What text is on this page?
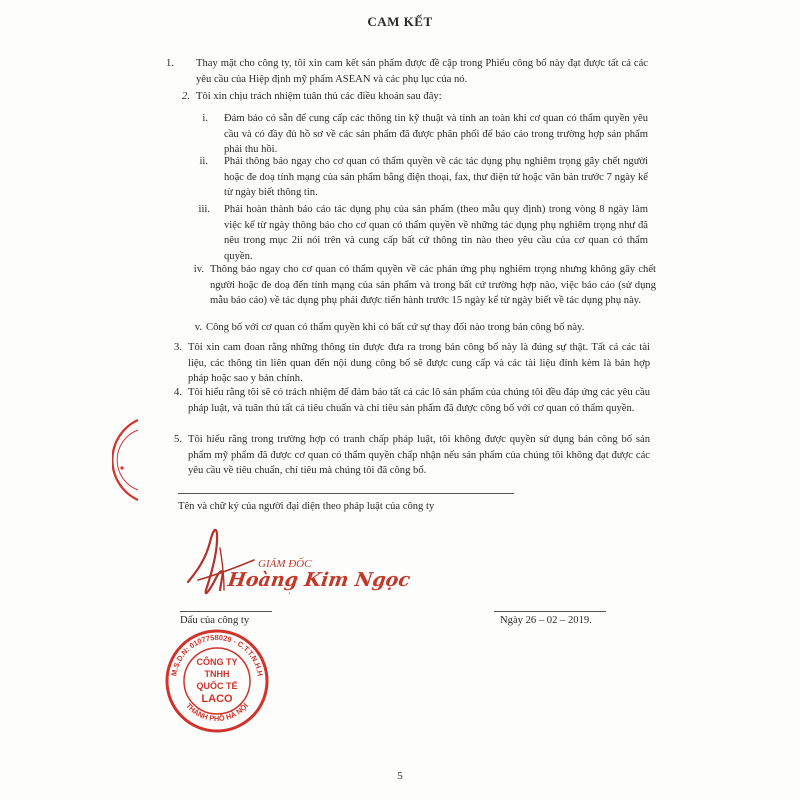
CAM KẾT
1. Thay mặt cho công ty, tôi xin cam kết sản phẩm được đề cập trong Phiếu công bố này đạt được tất cả các yêu cầu của Hiệp định mỹ phẩm ASEAN và các phụ lục của nó.

2. Tôi xin chịu trách nhiệm tuân thủ các điều khoản sau đây:

i. Đảm bảo có sẵn để cung cấp các thông tin kỹ thuật và tính an toàn khi cơ quan có thẩm quyền yêu cầu và có đầy đủ hồ sơ về các sản phẩm đã được phân phối để báo cáo trong trường hợp sản phẩm phải thu hồi.

ii. Phải thông báo ngay cho cơ quan có thẩm quyền về các tác dụng phụ nghiêm trọng gây chết người hoặc đe doạ tính mạng của sản phẩm bằng điện thoại, fax, thư điện tử hoặc văn bản trước 7 ngày kể từ ngày biết thông tin.

iii. Phải hoàn thành báo cáo tác dụng phụ của sản phẩm (theo mẫu quy định) trong vòng 8 ngày làm việc kể từ ngày thông báo cho cơ quan có thẩm quyền về những tác dụng phụ nghiêm trọng như đã nêu trong mục 2ii nói trên và cung cấp bất cứ thông tin nào theo yêu cầu của cơ quan có thẩm quyền.

iv. Thông báo ngay cho cơ quan có thẩm quyền về các phản ứng phụ nghiêm trọng nhưng không gây chết người hoặc đe doạ đến tính mạng của sản phẩm và trong bất cứ trường hợp nào, việc báo cáo (sử dụng mẫu báo cáo) về tác dụng phụ phải được tiến hành trước 15 ngày kể từ ngày biết về tác dụng phụ này.

v. Công bố với cơ quan có thẩm quyền khi có bất cứ sự thay đổi nào trong bản công bố này.

3. Tôi xin cam đoan rằng những thông tin được đưa ra trong bản công bố này là đúng sự thật. Tất cả các tài liệu, các thông tin liên quan đến nội dung công bố sẽ được cung cấp và các tài liệu đính kèm là bản hợp pháp hoặc sao y bản chính.

4. Tôi hiểu rằng tôi sẽ có trách nhiệm để đảm bảo tất cả các lô sản phẩm của chúng tôi đều đáp ứng các yêu cầu pháp luật, và tuân thủ tất cả tiêu chuẩn và chỉ tiêu sản phẩm đã được công bố với cơ quan có thẩm quyền.

5. Tôi hiểu rằng trong trường hợp có tranh chấp pháp luật, tôi không được quyền sử dụng bản công bố sản phẩm mỹ phẩm đã được cơ quan có thẩm quyền chấp nhận nếu sản phẩm của chúng tôi không đạt được các yêu cầu về tiêu chuẩn, chỉ tiêu mà chúng tôi đã công bố.

Tên và chữ ký của người đại diện theo pháp luật của công ty
GIÁM ĐỐC
Hoàng Kim Ngọc
ʼ
Dấu của công ty	Ngày 26 – 02 – 2019.
M.S.D.N: 0107758029 - C.T.T.N.H.H
THÀNH PHỐ HÀ NỘI
CÔNG TY
TNHH
QUỐC TẾ
LACO
5
